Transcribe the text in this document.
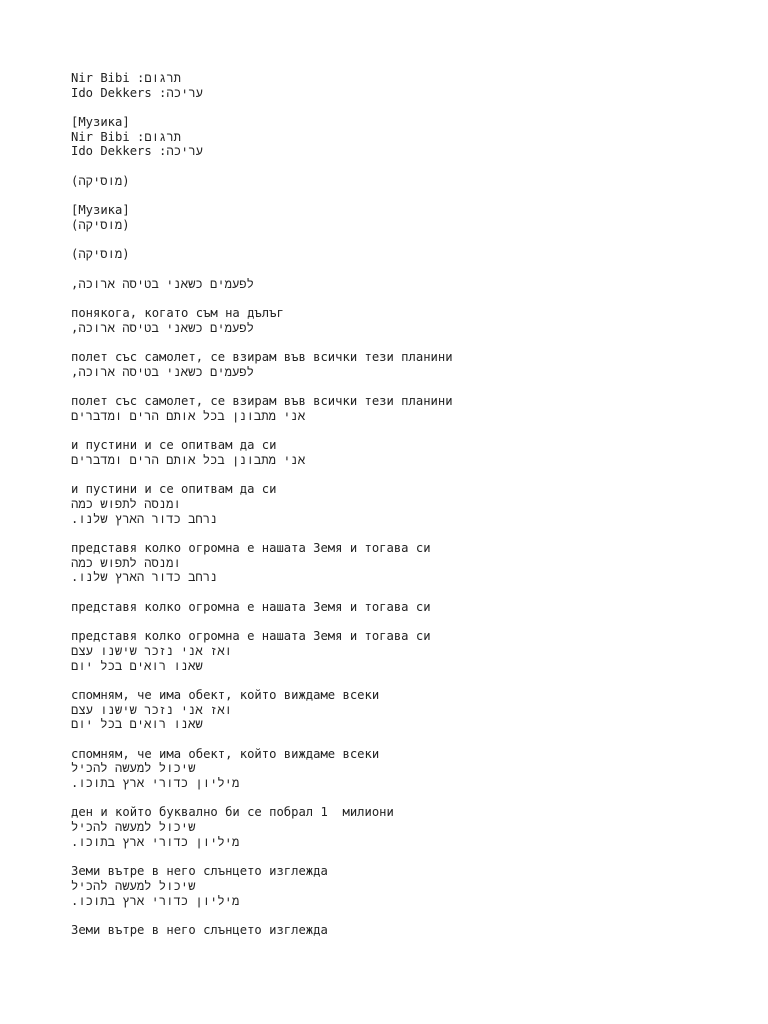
תרגום: Nir Bibi
עריכה: Ido Dekkers
[Музика]
תרגום: Nir Bibi
עריכה: Ido Dekkers
(מוסיקה)
[Музика]
(מוסיקה)
(מוסיקה)
לפעמים כשאני בטיסה ארוכה,
понякога, когато съм на дълъг
לפעמים כשאני בטיסה ארוכה,
полет със самолет, се взирам във всички тези планини
לפעמים כשאני בטיסה ארוכה,
полет със самолет, се взирам във всички тези планини
אני מתבונן בכל אותם הרים ומדברים
и пустини и се опитвам да си
אני מתבונן בכל אותם הרים ומדברים
и пустини и се опитвам да си
ומנסה לתפוש כמה
נרחב כדור הארץ שלנו.
представя колко огромна е нашата Земя и тогава си
ומנסה לתפוש כמה
נרחב כדור הארץ שלנו.
представя колко огромна е нашата Земя и тогава си
представя колко огромна е нашата Земя и тогава си
ואז אני נזכר שישנו עצם
שאנו רואים בכל יום
спомням, че има обект, който виждаме всеки
ואז אני נזכר שישנו עצם
שאנו רואים בכל יום
спомням, че има обект, който виждаме всеки
שיכול למעשה להכיל
מיליון כדורי ארץ בתוכו.
ден и който буквално би се побрал 1  милиони
שיכול למעשה להכיל
מיליון כדורי ארץ בתוכו.
Земи вътре в него слънцето изглежда
שיכול למעשה להכיל
מיליון כדורי ארץ בתוכו.
Земи вътре в него слънцето изглежда
